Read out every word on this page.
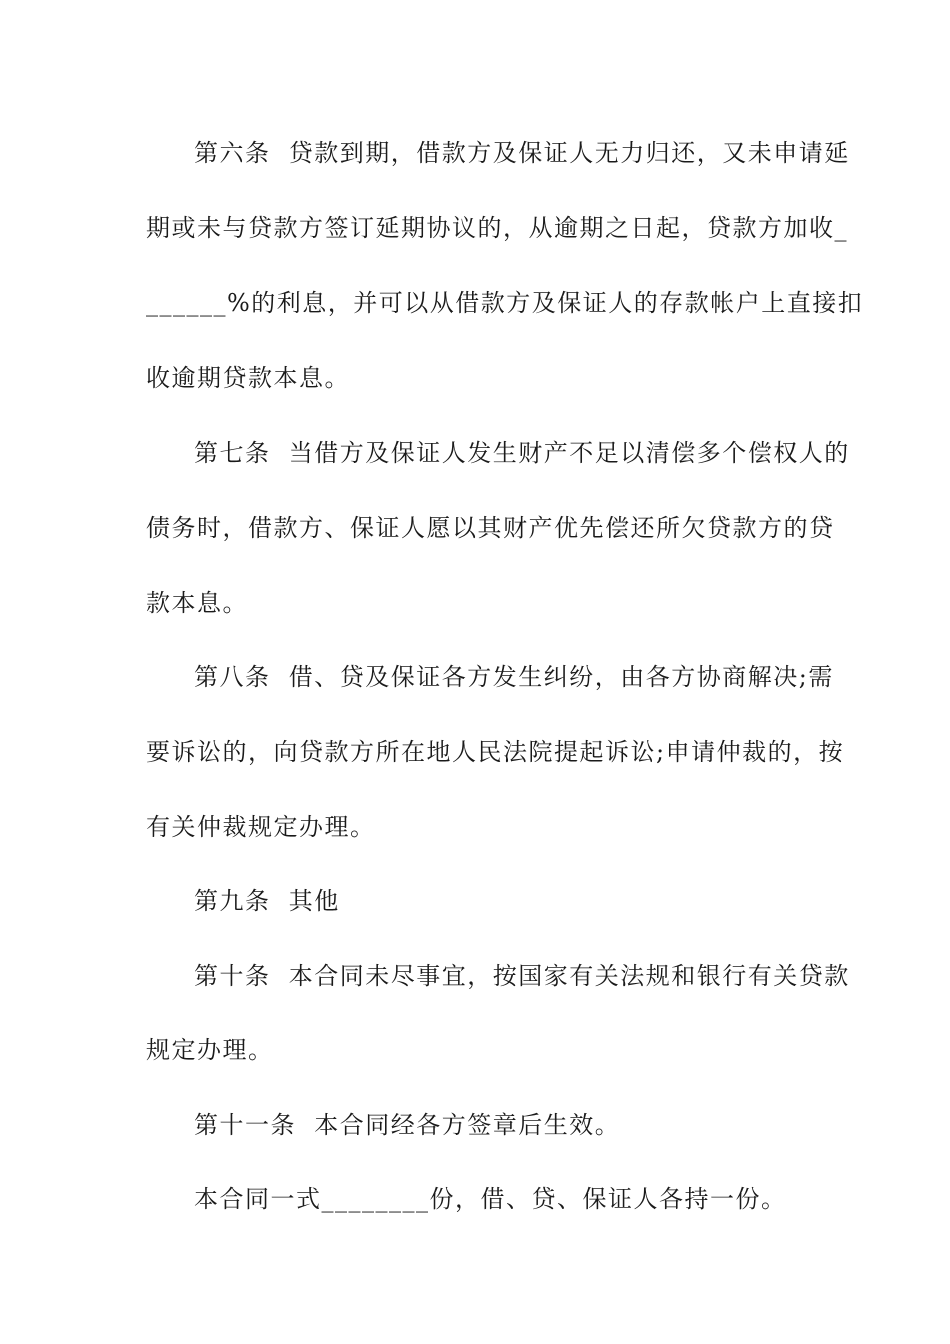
第六条  贷款到期，借款方及保证人无力归还，又未申请延
期或未与贷款方签订延期协议的，从逾期之日起，贷款方加收_
______%的利息，并可以从借款方及保证人的存款帐户上直接扣
收逾期贷款本息。
第七条  当借方及保证人发生财产不足以清偿多个偿权人的
债务时，借款方、保证人愿以其财产优先偿还所欠贷款方的贷
款本息。
第八条  借、贷及保证各方发生纠纷，由各方协商解决;需
要诉讼的，向贷款方所在地人民法院提起诉讼;申请仲裁的，按
有关仲裁规定办理。
第九条  其他
第十条  本合同未尽事宜，按国家有关法规和银行有关贷款
规定办理。
第十一条  本合同经各方签章后生效。
本合同一式________份，借、贷、保证人各持一份。
